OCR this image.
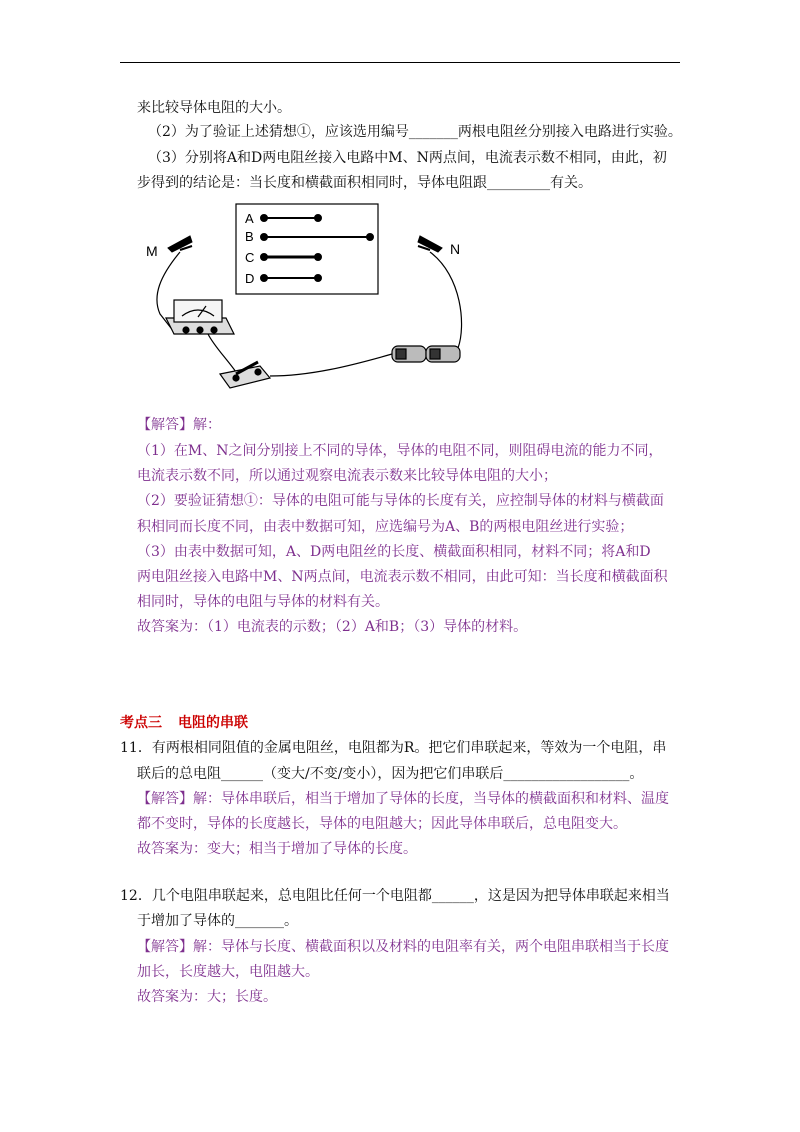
来比较导体电阻的大小。
（2）为了验证上述猜想①，应该选用编号_______两根电阻丝分别接入电路进行实验。
（3）分别将A和D两电阻丝接入电路中M、N两点间，电流表示数不相同，由此，初
步得到的结论是：当长度和横截面积相同时，导体电阻跟_________有关。
A
B
C
D
M	N
【解答】解：
（1）在M、N之间分别接上不同的导体，导体的电阻不同，则阻碍电流的能力不同，
电流表示数不同，所以通过观察电流表示数来比较导体电阻的大小；
（2）要验证猜想①：导体的电阻可能与导体的长度有关，应控制导体的材料与横截面
积相同而长度不同，由表中数据可知，应选编号为A、B的两根电阻丝进行实验；
（3）由表中数据可知，A、D两电阻丝的长度、横截面积相同，材料不同；将A和D
两电阻丝接入电路中M、N两点间，电流表示数不相同，由此可知：当长度和横截面积
相同时，导体的电阻与导体的材料有关。
故答案为：（1）电流表的示数；（2）A和B；（3）导体的材料。
考点三 电阻的串联
11．有两根相同阻值的金属电阻丝，电阻都为R。把它们串联起来，等效为一个电阻，串
联后的总电阻______（变大/不变/变小），因为把它们串联后__________________。
【解答】解：导体串联后，相当于增加了导体的长度，当导体的横截面积和材料、温度
都不变时，导体的长度越长，导体的电阻越大；因此导体串联后，总电阻变大。
故答案为：变大；相当于增加了导体的长度。
12．几个电阻串联起来，总电阻比任何一个电阻都______，这是因为把导体串联起来相当
于增加了导体的_______。
【解答】解：导体与长度、横截面积以及材料的电阻率有关，两个电阻串联相当于长度
加长，长度越大，电阻越大。
故答案为：大；长度。
